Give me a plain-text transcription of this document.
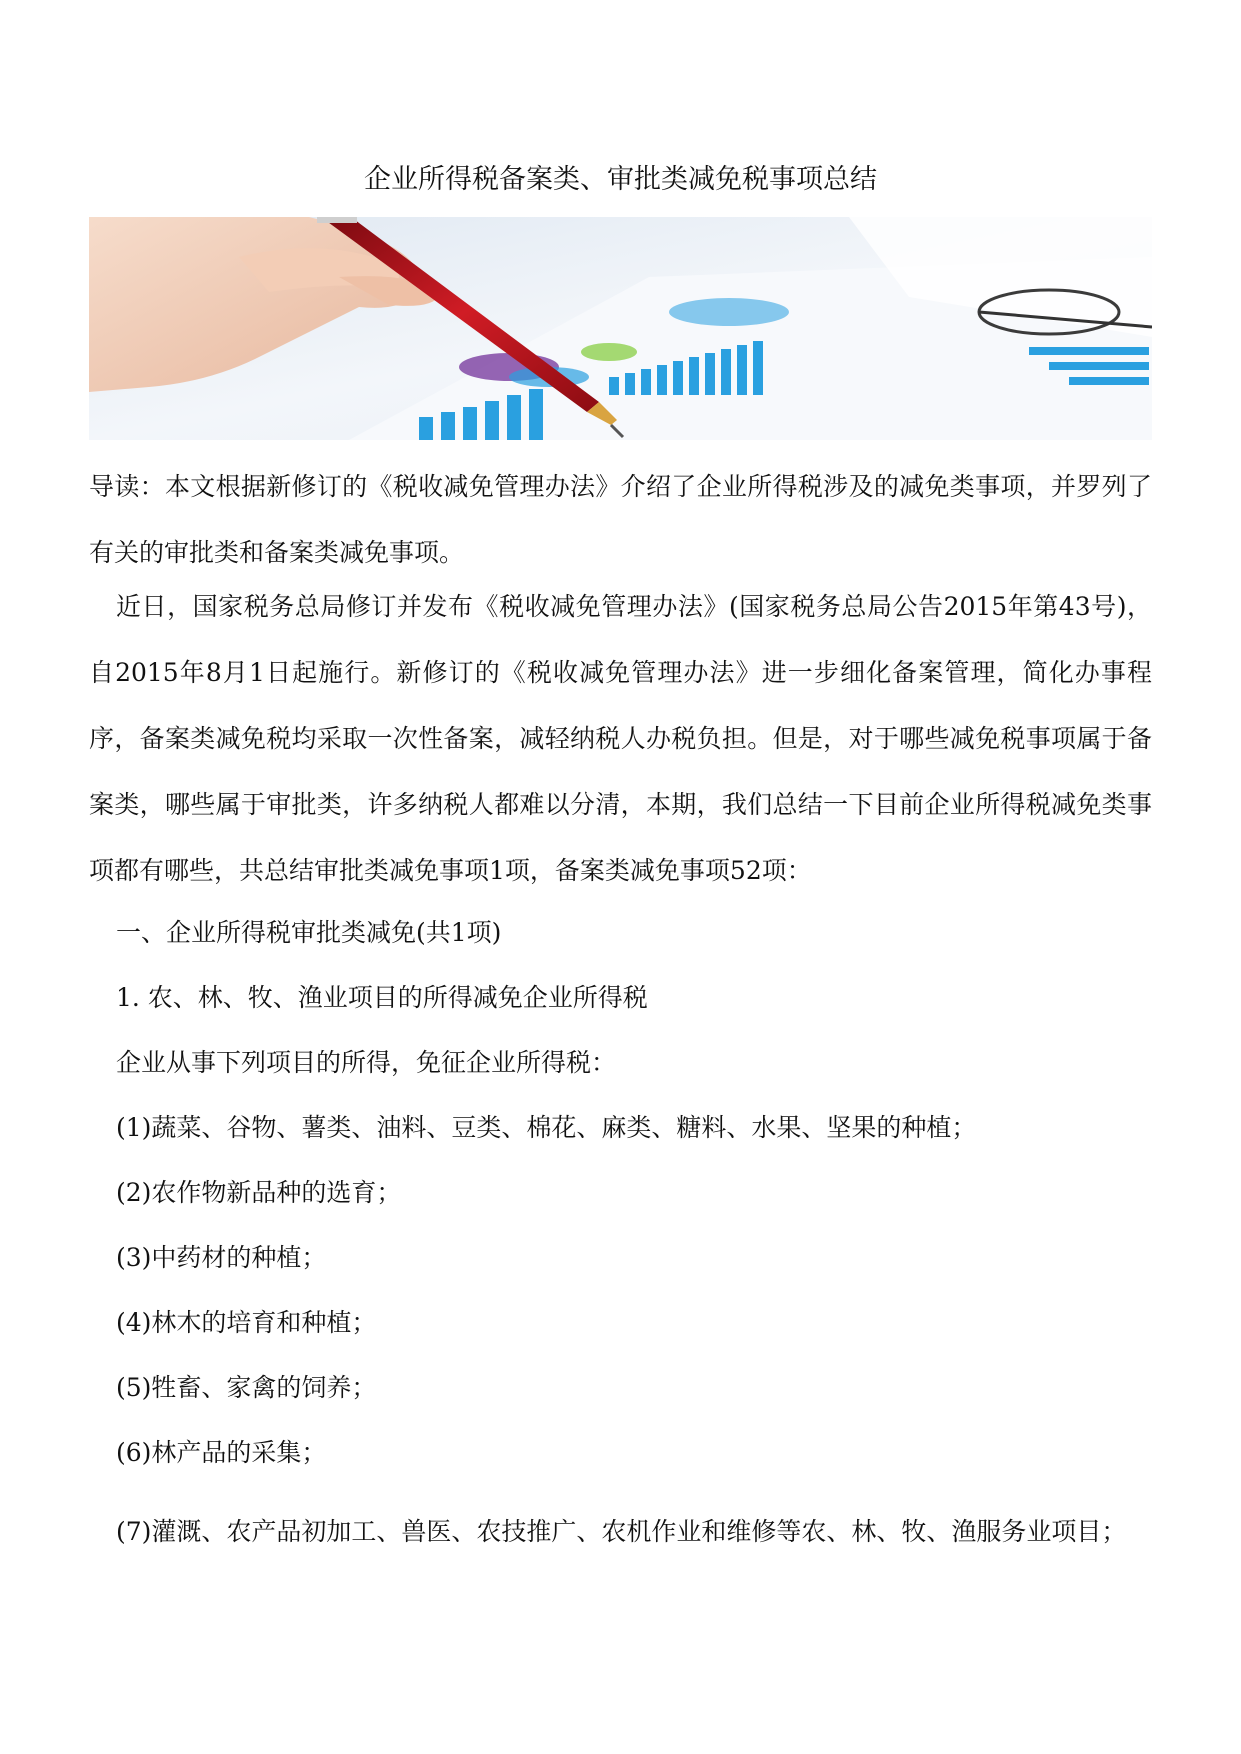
企业所得税备案类、审批类减免税事项总结

导读：本文根据新修订的《税收减免管理办法》介绍了企业所得税涉及的减免类事项，并罗列了有关的审批类和备案类减免事项。

近日，国家税务总局修订并发布《税收减免管理办法》(国家税务总局公告2015年第43号)，自2015年8月1日起施行。新修订的《税收减免管理办法》进一步细化备案管理，简化办事程序，备案类减免税均采取一次性备案，减轻纳税人办税负担。但是，对于哪些减免税事项属于备案类，哪些属于审批类，许多纳税人都难以分清，本期，我们总结一下目前企业所得税减免类事项都有哪些，共总结审批类减免事项1项，备案类减免事项52项：

一、企业所得税审批类减免(共1项)
1. 农、林、牧、渔业项目的所得减免企业所得税
企业从事下列项目的所得，免征企业所得税：
(1)蔬菜、谷物、薯类、油料、豆类、棉花、麻类、糖料、水果、坚果的种植；
(2)农作物新品种的选育；
(3)中药材的种植；
(4)林木的培育和种植；
(5)牲畜、家禽的饲养；
(6)林产品的采集；

(7)灌溉、农产品初加工、兽医、农技推广、农机作业和维修等农、林、牧、渔服务业项目；
